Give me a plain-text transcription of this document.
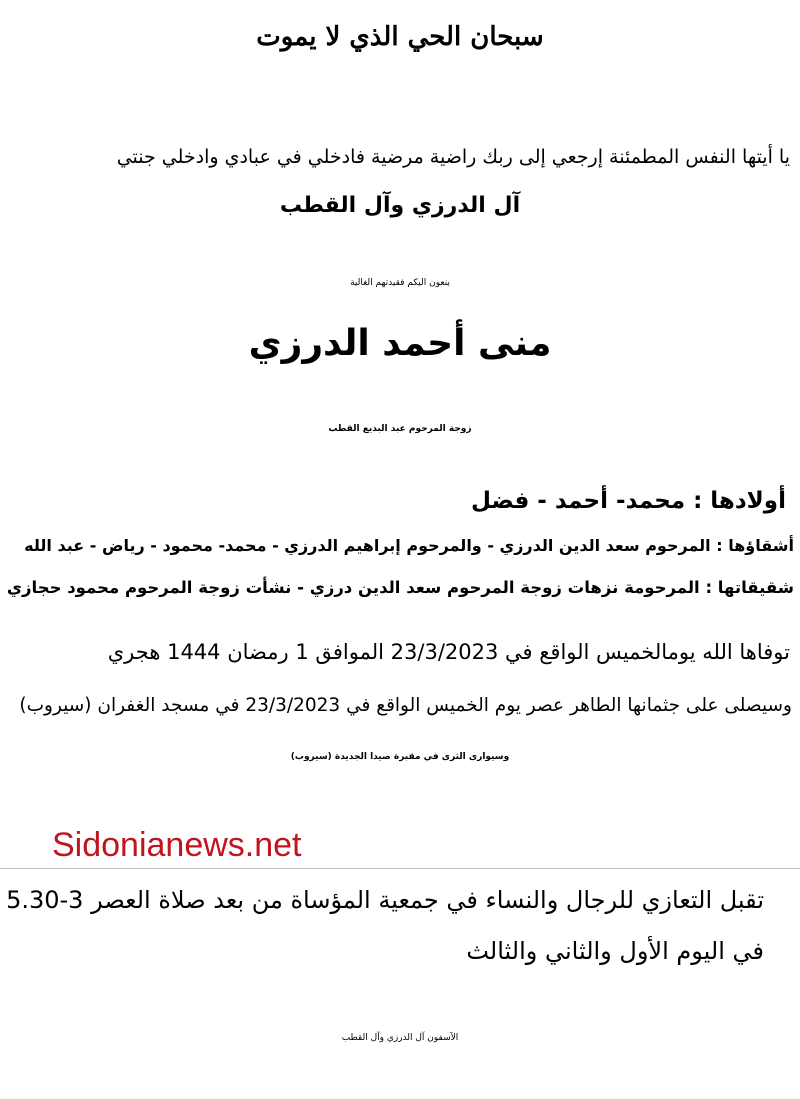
سبحان الحي الذي لا يموت
يا أيتها النفس المطمئنة إرجعي إلى ربك راضية مرضية فادخلي في عبادي وادخلي جنتي
آل الدرزي وآل القطب
ينعون اليكم فقيدتهم الغالية
منى أحمد الدرزي
زوجة المرحوم عبد البديع القطب
أولادها : محمد- أحمد - فضل
أشقاؤها : المرحوم سعد الدين الدرزي - والمرحوم إبراهيم الدرزي - محمد- محمود - رياض - عبد الله
شقيقاتها : المرحومة نزهات زوجة المرحوم سعد الدين درزي - نشأت زوجة المرحوم محمود حجازي
توفاها الله يومالخميس الواقع في 23/3/2023 الموافق 1 رمضان 1444 هجري
وسيصلى على جثمانها الطاهر عصر يوم الخميس الواقع في 23/3/2023 في مسجد الغفران (سيروب)
وسيوارى الثرى في مقبرة صيدا الجديدة (سيروب)
Sidonianews.net
تقبل التعازي للرجال والنساء في جمعية المؤساة من بعد صلاة العصر 3-5.30
في اليوم الأول والثاني والثالث
الآسفون آل الدرزي وآل القطب
